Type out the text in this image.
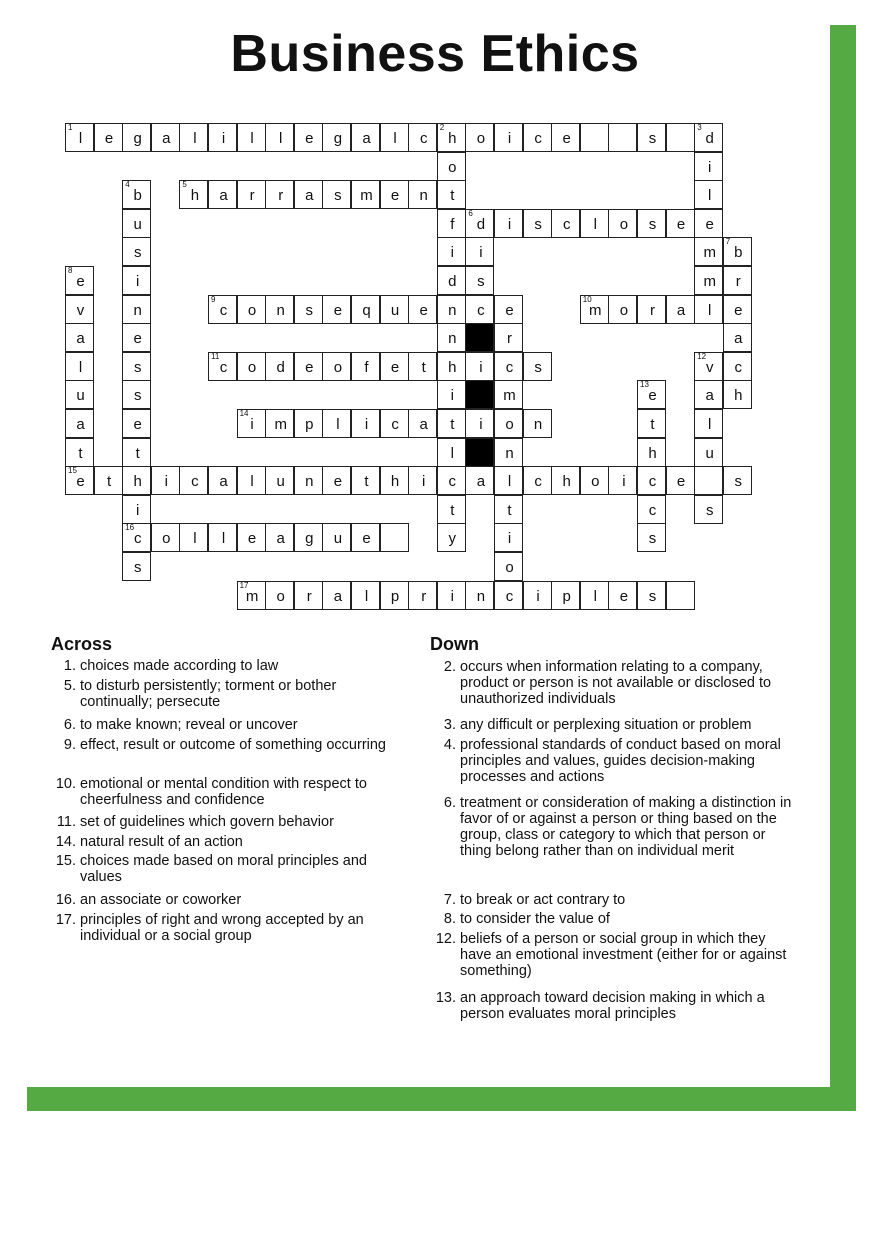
Business Ethics
1
l	e	g	a	l	i	l	l	e	g	a	l	c
2
h	o	i	c	e	s
3
d
o	i
4
b
5
h	a	r	r	a	s	m	e	n	t	l
u	f
6
d	i	s	c	l	o	s	e	e
s	i	i	m
7
b
8
e	i	d	s	m	r
v	n
9
c	o	n	s	e	q	u	e	n	c	e
10
m	o	r	a	l	e
a	e	n	r	a
l	s
11
c	o	d	e	o	f	e	t	h	i	c	s
12
v	c
u	s	i	m
13
e	a	h
a	e
14
i	m	p	l	i	c	a	t	i	o	n	t	l
t	t	l	n	h	u
15
e	t	h	i	c	a	l	u	n	e	t	h	i	c	a	l	c	h	o	i	c	e	s
i	t	t	c	s
16
c	o	l	l	e	a	g	u	e	y	i	s
s	o
17
m	o	r	a	l	p	r	i	n	c	i	p	l	e	s
Across	Down
1. choices made according to law
5. to disturb persistently; torment or bother continually; persecute
6. to make known; reveal or uncover
9. effect, result or outcome of something occurring
10. emotional or mental condition with respect to cheerfulness and confidence
11. set of guidelines which govern behavior
14. natural result of an action
15. choices made based on moral principles and values
16. an associate or coworker
17. principles of right and wrong accepted by an individual or a social group
2. occurs when information relating to a company, product or person is not available or disclosed to unauthorized individuals
3. any difficult or perplexing situation or problem
4. professional standards of conduct based on moral principles and values, guides decision-making processes and actions
6. treatment or consideration of making a distinction in favor of or against a person or thing based on the group, class or category to which that person or thing belong rather than on individual merit
7. to break or act contrary to
8. to consider the value of
12. beliefs of a person or social group in which they have an emotional investment (either for or against something)
13. an approach toward decision making in which a person evaluates moral principles
